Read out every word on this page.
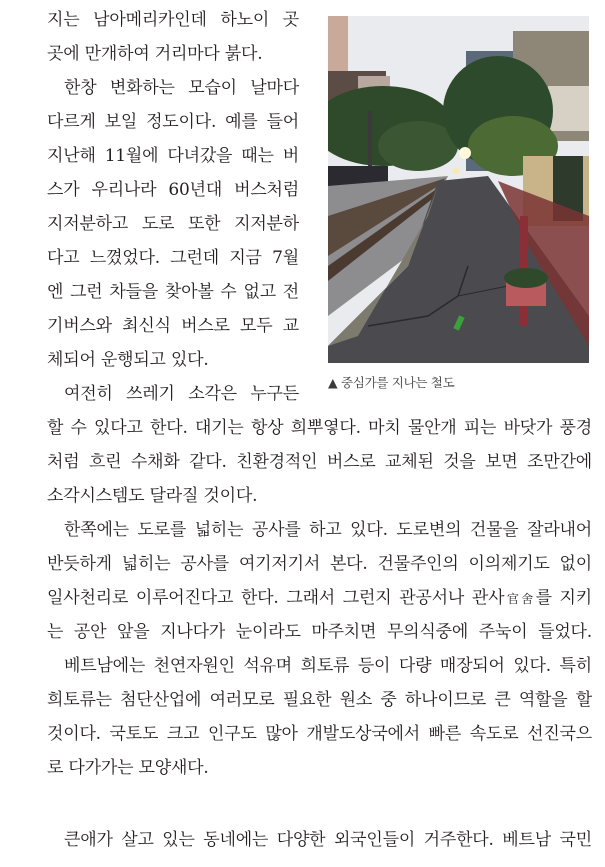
▲ 중심가를 지나는 철도
지는 남아메리카인데 하노이 곳
곳에 만개하여 거리마다 붉다.
한창 변화하는 모습이 날마다
다르게 보일 정도이다. 예를 들어
지난해 11월에 다녀갔을 때는 버
스가 우리나라 60년대 버스처럼
지저분하고 도로 또한 지저분하
다고 느꼈었다. 그런데 지금 7월
엔 그런 차들을 찾아볼 수 없고 전
기버스와 최신식 버스로 모두 교
체되어 운행되고 있다.
여전히 쓰레기 소각은 누구든
할 수 있다고 한다. 대기는 항상 희뿌옇다. 마치 물안개 피는 바닷가 풍경
처럼 흐린 수채화 같다. 친환경적인 버스로 교체된 것을 보면 조만간에
소각시스템도 달라질 것이다.
한쪽에는 도로를 넓히는 공사를 하고 있다. 도로변의 건물을 잘라내어
반듯하게 넓히는 공사를 여기저기서 본다. 건물주인의 이의제기도 없이
일사천리로 이루어진다고 한다. 그래서 그런지 관공서나 관사官舍를 지키
는 공안 앞을 지나다가 눈이라도 마주치면 무의식중에 주눅이 들었다.
베트남에는 천연자원인 석유며 희토류 등이 다량 매장되어 있다. 특히
희토류는 첨단산업에 여러모로 필요한 원소 중 하나이므로 큰 역할을 할
것이다. 국토도 크고 인구도 많아 개발도상국에서 빠른 속도로 선진국으
로 다가가는 모양새다.
큰애가 살고 있는 동네에는 다양한 외국인들이 거주한다. 베트남 국민
